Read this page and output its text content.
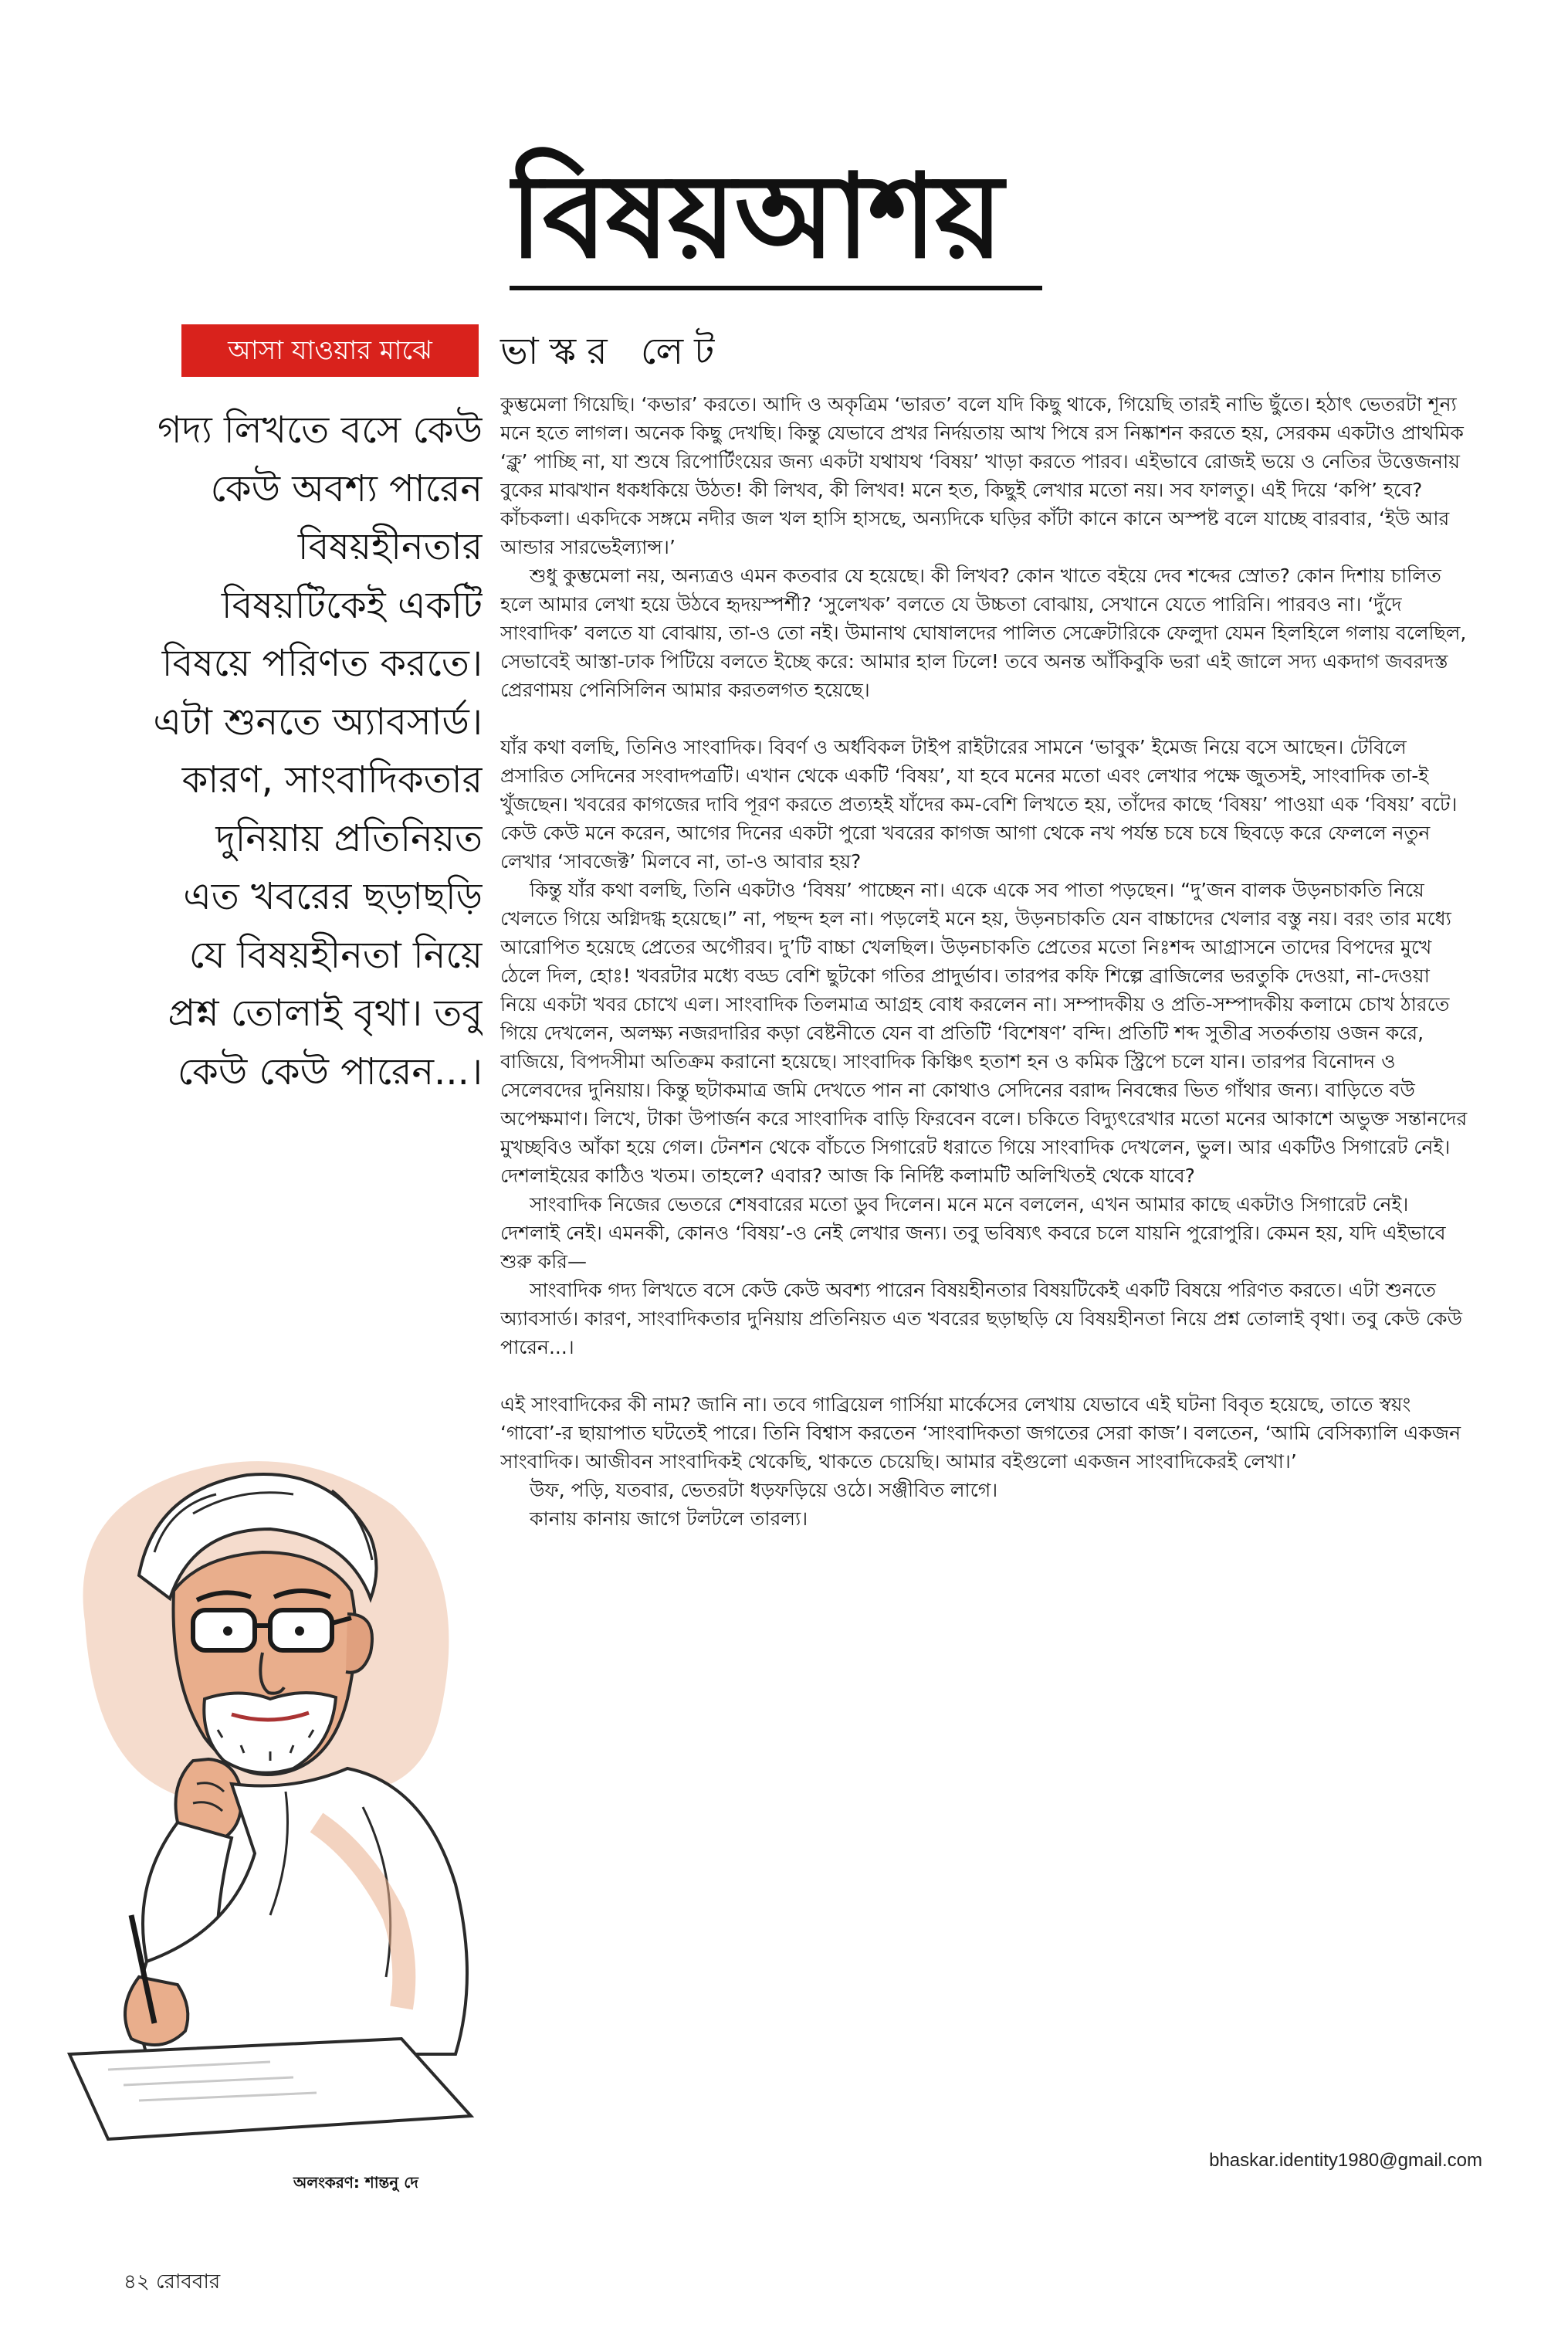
বিষয়আশয়
আসা যাওয়ার মাঝে	ভাস্কর লেট
গদ্য লিখতে বসে কেউ কেউ অবশ্য পারেন বিষয়হীনতার বিষয়টিকেই একটি বিষয়ে পরিণত করতে। এটা শুনতে অ্যাবসার্ড। কারণ, সাংবাদিকতার দুনিয়ায় প্রতিনিয়ত এত খবরের ছড়াছড়ি যে বিষয়হীনতা নিয়ে প্রশ্ন তোলাই বৃথা। তবু কেউ কেউ পারেন...।

কুম্ভমেলা গিয়েছি। ‘কভার’ করতে। আদি ও অকৃত্রিম ‘ভারত’ বলে যদি কিছু থাকে, গিয়েছি তারই নাভি ছুঁতে। হঠাৎ ভেতরটা শূন্য মনে হতে লাগল। অনেক কিছু দেখছি। কিন্তু যেভাবে প্রখর নির্দয়তায় আখ পিষে রস নিষ্কাশন করতে হয়, সেরকম একটাও প্রাথমিক ‘ক্লু’ পাচ্ছি না, যা শুষে রিপোর্টিংয়ের জন্য একটা যথাযথ ‘বিষয়’ খাড়া করতে পারব। এইভাবে রোজই ভয়ে ও নেতির উত্তেজনায় বুকের মাঝখান ধকধকিয়ে উঠত! কী লিখব, কী লিখব! মনে হত, কিছুই লেখার মতো নয়। সব ফালতু। এই দিয়ে ‘কপি’ হবে? কাঁচকলা। একদিকে সঙ্গমে নদীর জল খল হাসি হাসছে, অন্যদিকে ঘড়ির কাঁটা কানে কানে অস্পষ্ট বলে যাচ্ছে বারবার, ‘ইউ আর আন্ডার সারভেইল্যান্স।’

শুধু কুম্ভমেলা নয়, অন্যত্রও এমন কতবার যে হয়েছে। কী লিখব? কোন খাতে বইয়ে দেব শব্দের স্রোত? কোন দিশায় চালিত হলে আমার লেখা হয়ে উঠবে হৃদয়স্পর্শী? ‘সুলেখক’ বলতে যে উচ্চতা বোঝায়, সেখানে যেতে পারিনি। পারবও না। ‘দুঁদে সাংবাদিক’ বলতে যা বোঝায়, তা-ও তো নই। উমানাথ ঘোষালদের পালিত সেক্রেটারিকে ফেলুদা যেমন হিলহিলে গলায় বলেছিল, সেভাবেই আস্তা-ঢাক পিটিয়ে বলতে ইচ্ছে করে: আমার হাল ঢিলে! তবে অনন্ত আঁকিবুকি ভরা এই জালে সদ্য একদাগ জবরদস্ত প্রেরণাময় পেনিসিলিন আমার করতলগত হয়েছে।

যাঁর কথা বলছি, তিনিও সাংবাদিক। বিবর্ণ ও অর্ধবিকল টাইপ রাইটারের সামনে ‘ভাবুক’ ইমেজ নিয়ে বসে আছেন। টেবিলে প্রসারিত সেদিনের সংবাদপত্রটি। এখান থেকে একটি ‘বিষয়’, যা হবে মনের মতো এবং লেখার পক্ষে জুতসই, সাংবাদিক তা-ই খুঁজছেন। খবরের কাগজের দাবি পূরণ করতে প্রত্যহই যাঁদের কম-বেশি লিখতে হয়, তাঁদের কাছে ‘বিষয়’ পাওয়া এক ‘বিষয়’ বটে। কেউ কেউ মনে করেন, আগের দিনের একটা পুরো খবরের কাগজ আগা থেকে নখ পর্যন্ত চষে চষে ছিবড়ে করে ফেললে নতুন লেখার ‘সাবজেক্ট’ মিলবে না, তা-ও আবার হয়?

কিন্তু যাঁর কথা বলছি, তিনি একটাও ‘বিষয়’ পাচ্ছেন না। একে একে সব পাতা পড়ছেন। “দু’জন বালক উড়নচাকতি নিয়ে খেলতে গিয়ে অগ্নিদগ্ধ হয়েছে।” না, পছন্দ হল না। পড়লেই মনে হয়, উড়নচাকতি যেন বাচ্চাদের খেলার বস্তু নয়। বরং তার মধ্যে আরোপিত হয়েছে প্রেতের অগৌরব। দু’টি বাচ্চা খেলছিল। উড়নচাকতি প্রেতের মতো নিঃশব্দ আগ্রাসনে তাদের বিপদের মুখে ঠেলে দিল, হোঃ! খবরটার মধ্যে বড্ড বেশি ছুটকো গতির প্রাদুর্ভাব। তারপর কফি শিল্পে ব্রাজিলের ভরতুকি দেওয়া, না-দেওয়া নিয়ে একটা খবর চোখে এল। সাংবাদিক তিলমাত্র আগ্রহ বোধ করলেন না। সম্পাদকীয় ও প্রতি-সম্পাদকীয় কলামে চোখ ঠারতে গিয়ে দেখলেন, অলক্ষ্য নজরদারির কড়া বেষ্টনীতে যেন বা প্রতিটি ‘বিশেষণ’ বন্দি। প্রতিটি শব্দ সুতীব্র সতর্কতায় ওজন করে, বাজিয়ে, বিপদসীমা অতিক্রম করানো হয়েছে। সাংবাদিক কিঞ্চিৎ হতাশ হন ও কমিক স্ট্রিপে চলে যান। তারপর বিনোদন ও সেলেবদের দুনিয়ায়। কিন্তু ছটাকমাত্র জমি দেখতে পান না কোথাও সেদিনের বরাদ্দ নিবন্ধের ভিত গাঁথার জন্য। বাড়িতে বউ অপেক্ষমাণ। লিখে, টাকা উপার্জন করে সাংবাদিক বাড়ি ফিরবেন বলে। চকিতে বিদ্যুৎরেখার মতো মনের আকাশে অভুক্ত সন্তানদের মুখচ্ছবিও আঁকা হয়ে গেল। টেনশন থেকে বাঁচতে সিগারেট ধরাতে গিয়ে সাংবাদিক দেখলেন, ভুল। আর একটিও সিগারেট নেই। দেশলাইয়ের কাঠিও খতম। তাহলে? এবার? আজ কি নির্দিষ্ট কলামটি অলিখিতই থেকে যাবে?

সাংবাদিক নিজের ভেতরে শেষবারের মতো ডুব দিলেন। মনে মনে বললেন, এখন আমার কাছে একটাও সিগারেট নেই। দেশলাই নেই। এমনকী, কোনও ‘বিষয়’-ও নেই লেখার জন্য। তবু ভবিষ্যৎ কবরে চলে যায়নি পুরোপুরি। কেমন হয়, যদি এইভাবে শুরু করি—

সাংবাদিক গদ্য লিখতে বসে কেউ কেউ অবশ্য পারেন বিষয়হীনতার বিষয়টিকেই একটি বিষয়ে পরিণত করতে। এটা শুনতে অ্যাবসার্ড। কারণ, সাংবাদিকতার দুনিয়ায় প্রতিনিয়ত এত খবরের ছড়াছড়ি যে বিষয়হীনতা নিয়ে প্রশ্ন তোলাই বৃথা। তবু কেউ কেউ পারেন...।

এই সাংবাদিকের কী নাম? জানি না। তবে গাব্রিয়েল গার্সিয়া মার্কেসের লেখায় যেভাবে এই ঘটনা বিবৃত হয়েছে, তাতে স্বয়ং ‘গাবো’-র ছায়াপাত ঘটতেই পারে। তিনি বিশ্বাস করতেন ‘সাংবাদিকতা জগতের সেরা কাজ’। বলতেন, ‘আমি বেসিক্যালি একজন সাংবাদিক। আজীবন সাংবাদিকই থেকেছি, থাকতে চেয়েছি। আমার বইগুলো একজন সাংবাদিকেরই লেখা।’

উফ, পড়ি, যতবার, ভেতরটা ধড়ফড়িয়ে ওঠে। সঞ্জীবিত লাগে।

কানায় কানায় জাগে টলটলে তারল্য।

অলংকরণ: শান্তনু দে
bhaskar.identity1980@gmail.com
৪২ রোববার
